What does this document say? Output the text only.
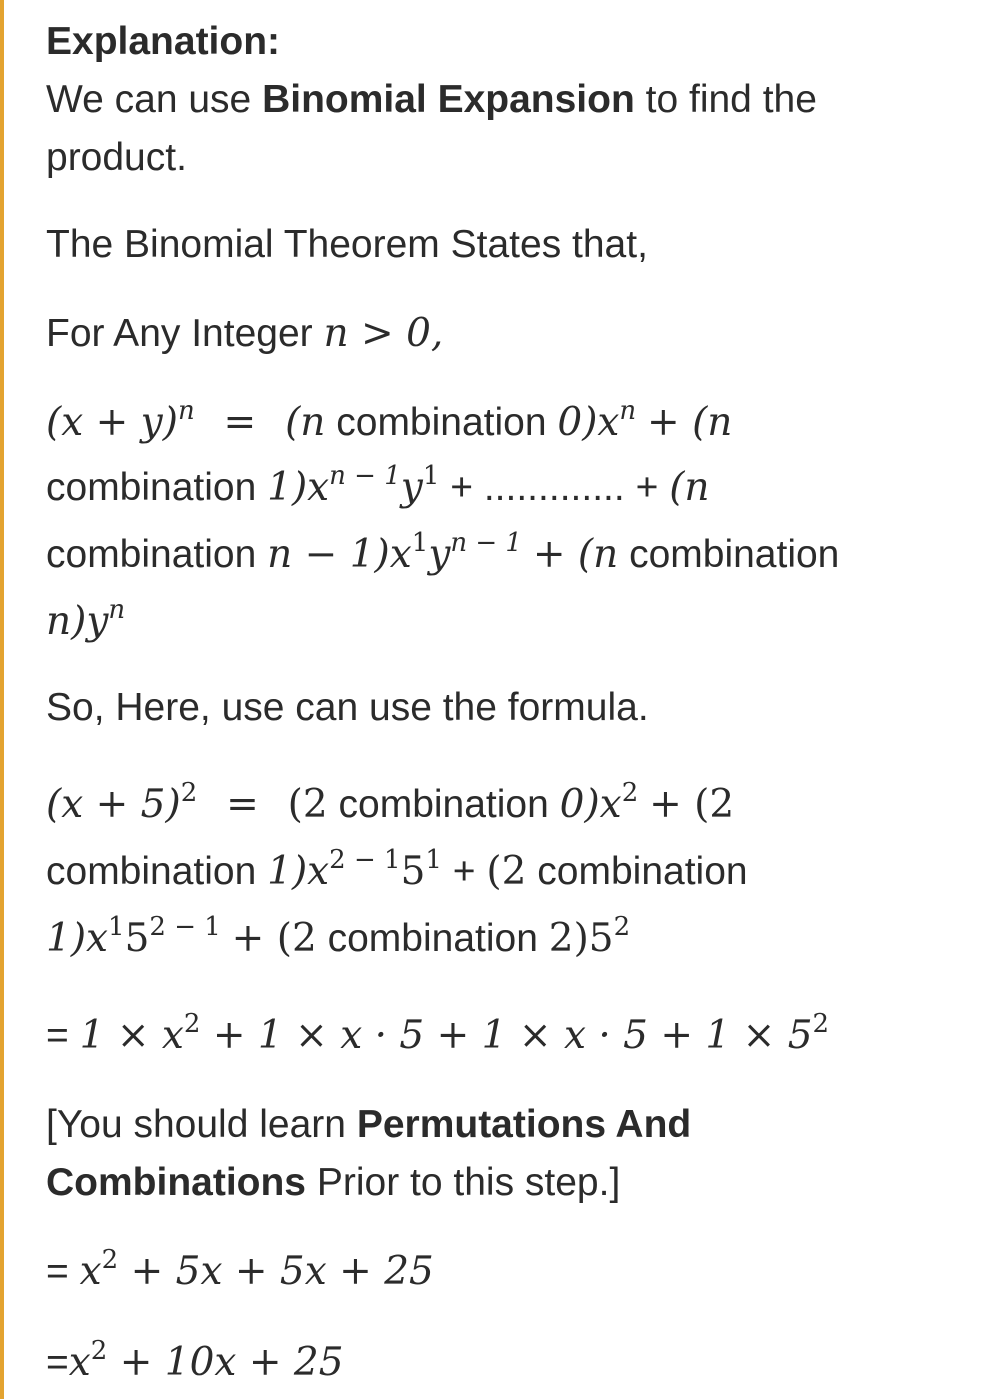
Explanation:
We can use Binomial Expansion to find the
product.
The Binomial Theorem States that,
For Any Integer n > 0,
$(x + y)^n = (n$ combination $0)x^n + (n$
combination $1)x^{n - 1}y^1$ + ............. + (n
combination $n - 1)x^1y^{n - 1} + (n$ combination
$n)y^n$
So, Here, use can use the formula.
$(x + 5)^2 = (2$ combination $0)x^2 + (2$
combination $1)x^{2 - 1}5^1 + (2$ combination
$1)x^15^{2 - 1} + (2$ combination $2)5^2$
= $1 \times x^2 + 1 \times x \cdot 5 + 1 \times x \cdot 5 + 1 \times 5^2$
[You should learn Permutations And
Combinations Prior to this step.]
= $x^2 + 5x + 5x + 25$
$=x^2 + 10x + 25$
